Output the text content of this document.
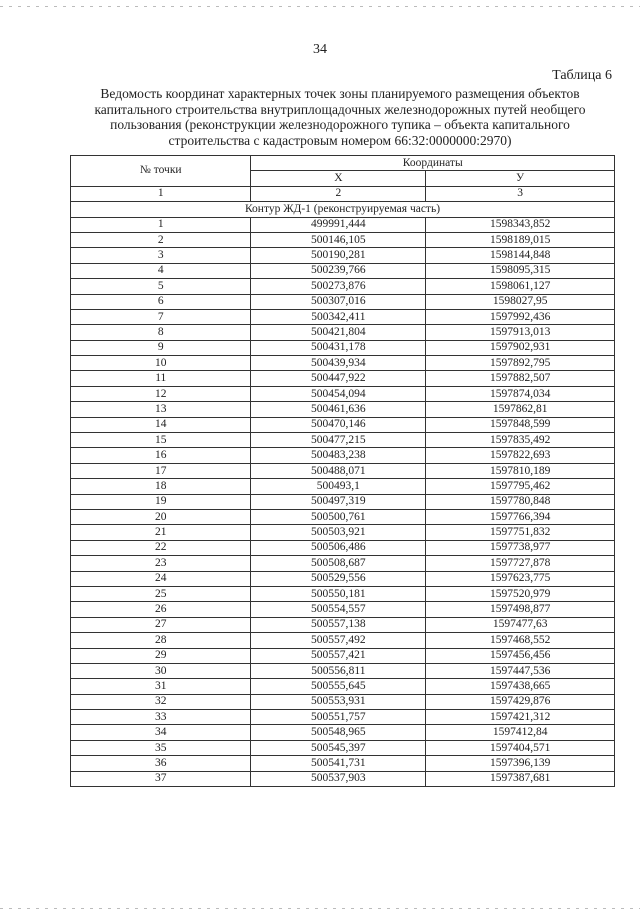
34
Таблица 6
Ведомость координат характерных точек зоны планируемого размещения объектов капитального строительства внутриплощадочных железнодорожных путей необщего пользования (реконструкции железнодорожного тупика – объекта капитального строительства с кадастровым номером 66:32:0000000:2970)
№ точки	Координаты	
	X	У
1	2	3
Контур ЖД-1 (реконструируемая часть)		
1	499991,444	1598343,852
2	500146,105	1598189,015
3	500190,281	1598144,848
4	500239,766	1598095,315
5	500273,876	1598061,127
6	500307,016	1598027,95
7	500342,411	1597992,436
8	500421,804	1597913,013
9	500431,178	1597902,931
10	500439,934	1597892,795
11	500447,922	1597882,507
12	500454,094	1597874,034
13	500461,636	1597862,81
14	500470,146	1597848,599
15	500477,215	1597835,492
16	500483,238	1597822,693
17	500488,071	1597810,189
18	500493,1	1597795,462
19	500497,319	1597780,848
20	500500,761	1597766,394
21	500503,921	1597751,832
22	500506,486	1597738,977
23	500508,687	1597727,878
24	500529,556	1597623,775
25	500550,181	1597520,979
26	500554,557	1597498,877
27	500557,138	1597477,63
28	500557,492	1597468,552
29	500557,421	1597456,456
30	500556,811	1597447,536
31	500555,645	1597438,665
32	500553,931	1597429,876
33	500551,757	1597421,312
34	500548,965	1597412,84
35	500545,397	1597404,571
36	500541,731	1597396,139
37	500537,903	1597387,681
